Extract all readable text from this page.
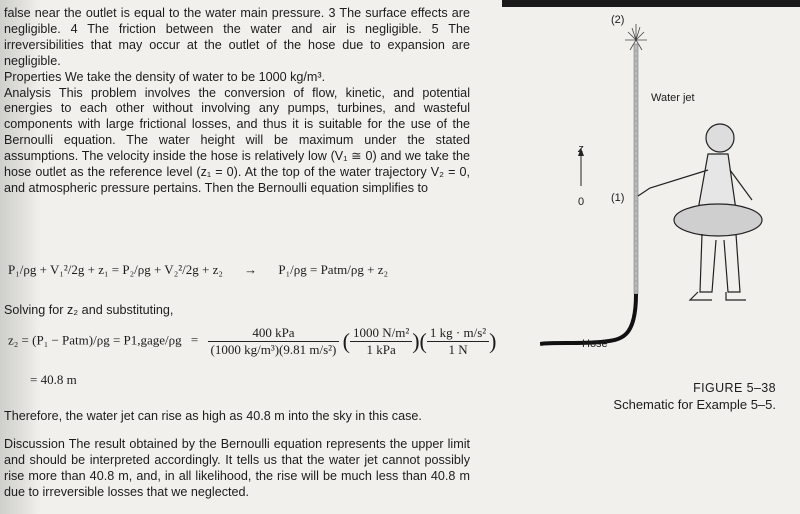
false near the outlet is equal to the water main pressure. 3 The surface effects are negligible. 4 The friction between the water and air is negligible. 5 The irreversibilities that may occur at the outlet of the hose due to expansion are negligible.

Properties We take the density of water to be 1000 kg/m³.

Analysis This problem involves the conversion of flow, kinetic, and potential energies to each other without involving any pumps, turbines, and wasteful components with large frictional losses, and thus it is suitable for the use of the Bernoulli equation. The water height will be maximum under the stated assumptions. The velocity inside the hose is relatively low (V₁ ≅ 0) and we take the hose outlet as the reference level (z₁ = 0). At the top of the water trajectory V₂ = 0, and atmospheric pressure pertains. Then the Bernoulli equation simplifies to

P₁/ρg + V₁²/2g + z₁ = P₂/ρg + V₂²/2g + z₂ → P₁/ρg = Patm/ρg + z₂
Solving for z₂ and substituting,
z₂ = (P₁ − Patm)/ρg = P1,gage/ρg = $\frac{\text{400 kPa}}{\text{(1000 kg/m³)(9.81 m/s²)}}$ ( $\frac{\text{1000 N/m²}}{\text{1 kPa}}$ )( $\frac{\text{1 kg · m/s²}}{1 N}$ )
= 40.8 m

Therefore, the water jet can rise as high as 40.8 m into the sky in this case.

Discussion The result obtained by the Bernoulli equation represents the upper limit and should be interpreted accordingly. It tells us that the water jet cannot possibly rise more than 40.8 m, and, in all likelihood, the rise will be much less than 40.8 m due to irreversible losses that we neglected.

(2)
(1)
z
0
Water jet
Hose
FIGURE 5–38
Schematic for Example 5–5.
